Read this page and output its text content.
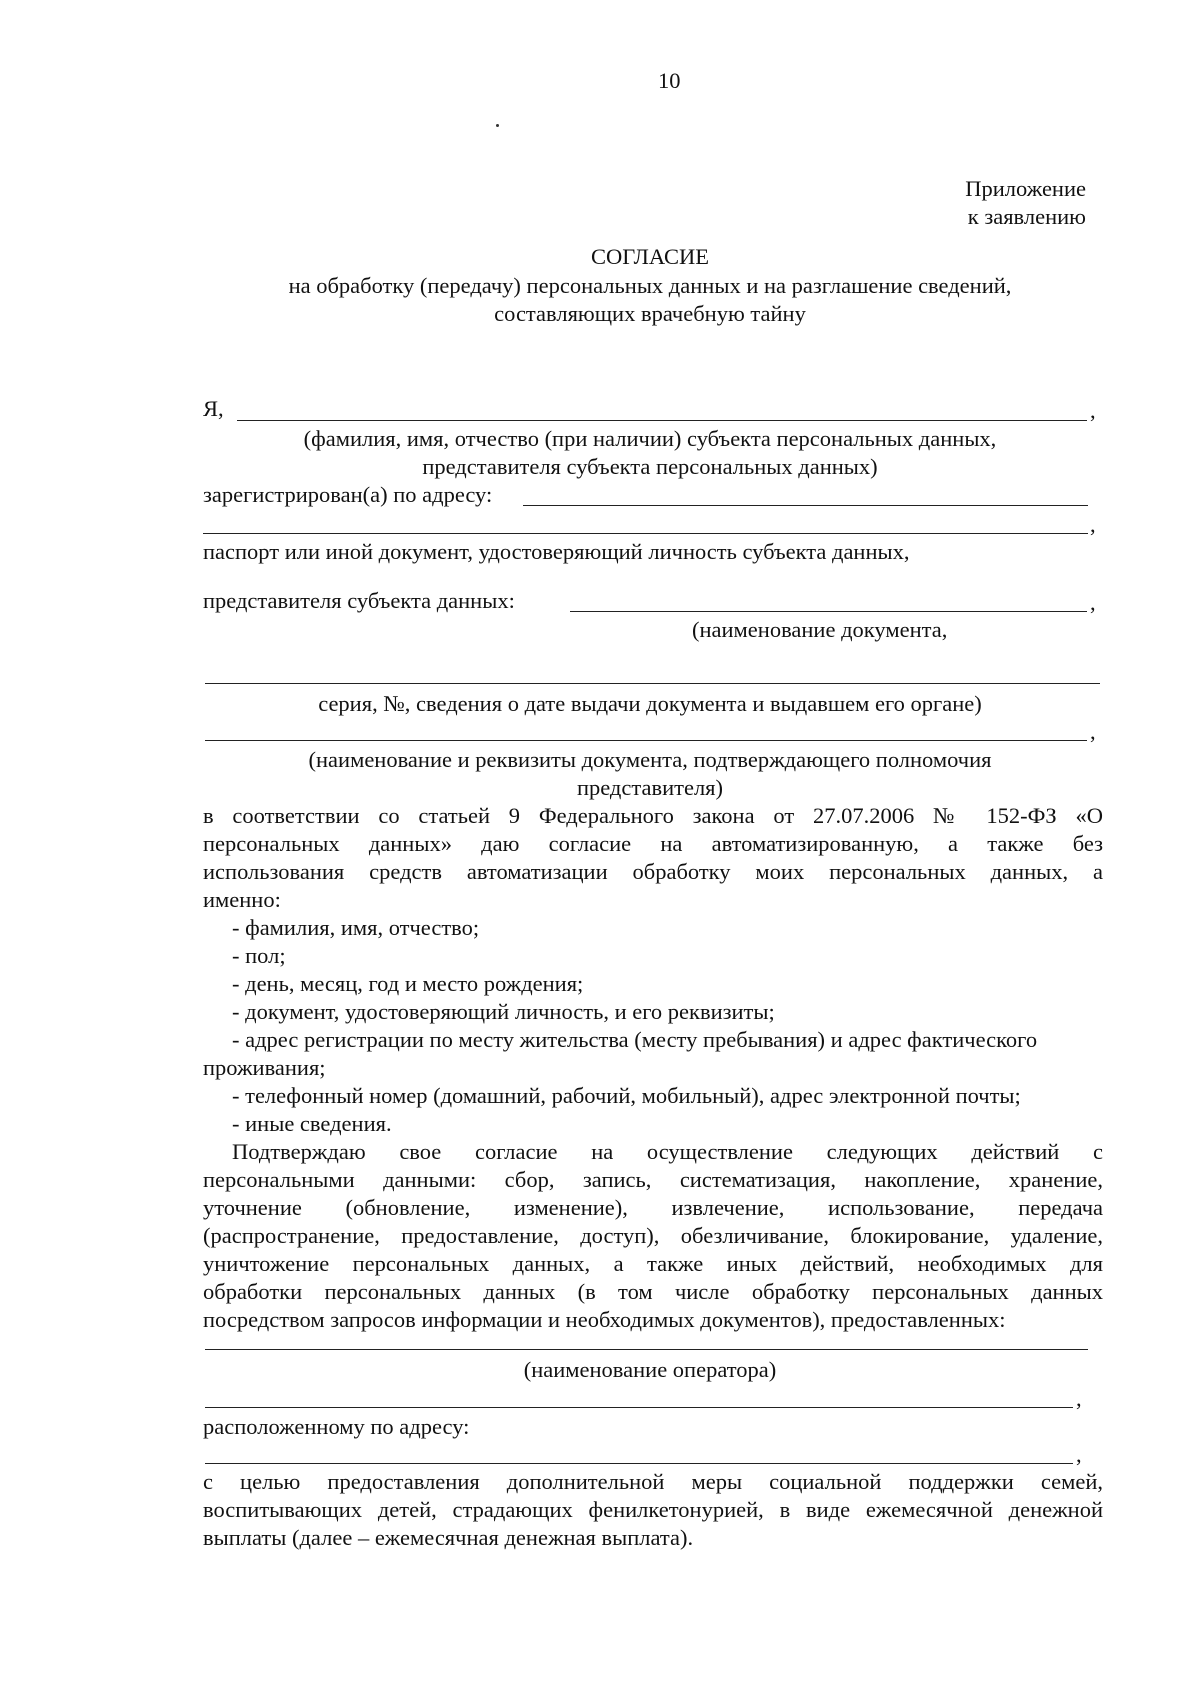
10
Приложение
к заявлению
СОГЛАСИЕ
на обработку (передачу) персональных данных и на разглашение сведений,
составляющих врачебную тайну
Я,	,
(фамилия, имя, отчество (при наличии) субъекта персональных данных,
представителя субъекта персональных данных)
зарегистрирован(а) по адресу:
,
паспорт или иной документ, удостоверяющий личность субъекта данных,
представителя субъекта данных:	,
(наименование документа,
серия, №, сведения о дате выдачи документа и выдавшем его органе)
,
(наименование и реквизиты документа, подтверждающего полномочия
представителя)
в соответствии со статьей 9 Федерального закона от 27.07.2006 № 152-ФЗ «О
персональных данных» даю согласие на автоматизированную, а также без
использования средств автоматизации обработку моих персональных данных, а
именно:
- фамилия, имя, отчество;
- пол;
- день, месяц, год и место рождения;
- документ, удостоверяющий личность, и его реквизиты;
- адрес регистрации по месту жительства (месту пребывания) и адрес фактического
проживания;
- телефонный номер (домашний, рабочий, мобильный), адрес электронной почты;
- иные сведения.
Подтверждаю свое согласие на осуществление следующих действий с
персональными данными: сбор, запись, систематизация, накопление, хранение,
уточнение (обновление, изменение), извлечение, использование, передача
(распространение, предоставление, доступ), обезличивание, блокирование, удаление,
уничтожение персональных данных, а также иных действий, необходимых для
обработки персональных данных (в том числе обработку персональных данных
посредством запросов информации и необходимых документов), предоставленных:
(наименование оператора)
,
расположенному по адресу:
,
с целью предоставления дополнительной меры социальной поддержки семей,
воспитывающих детей, страдающих фенилкетонурией, в виде ежемесячной денежной
выплаты (далее – ежемесячная денежная выплата).
